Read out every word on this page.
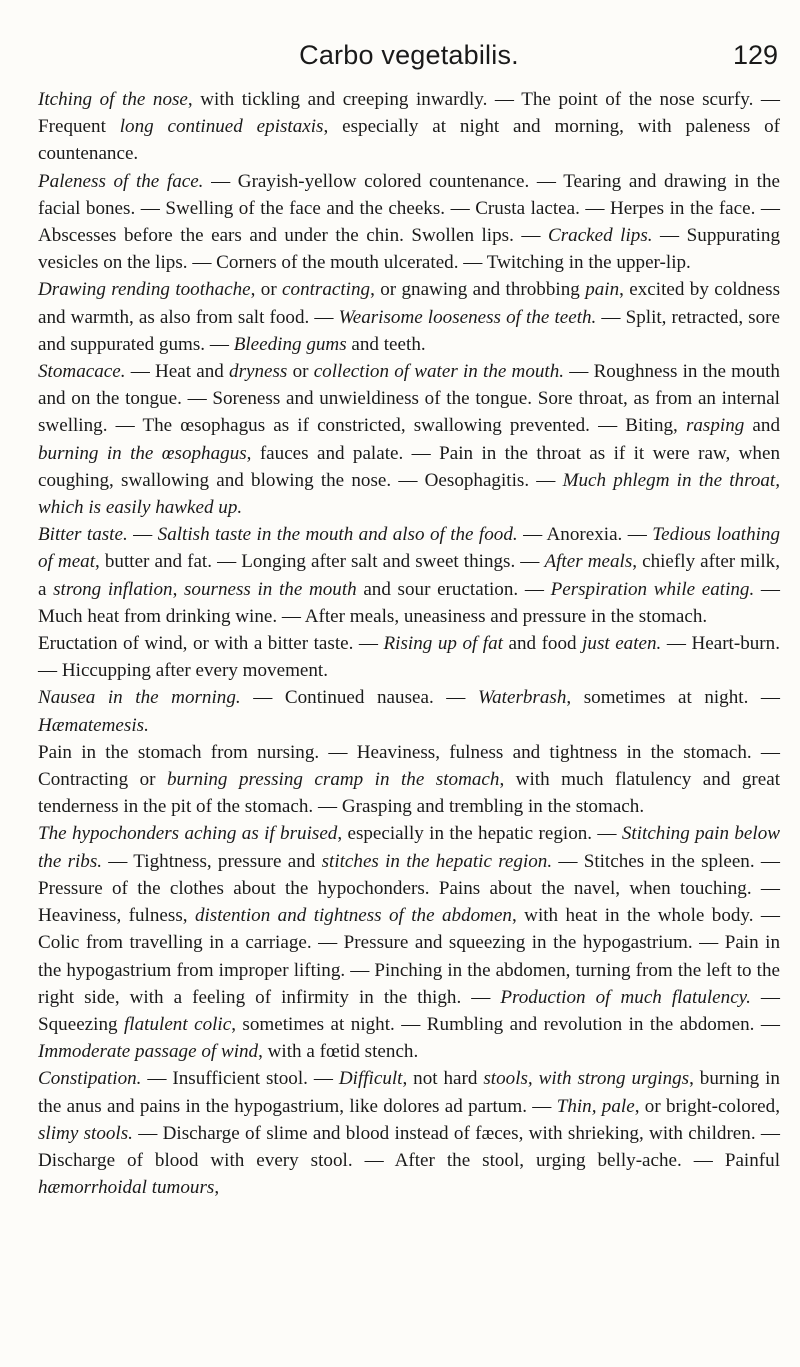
Carbo vegetabilis.	129

Itching of the nose, with tickling and creeping inwardly. — The point of the nose scurfy. — Frequent long continued epistaxis, especially at night and morning, with paleness of countenance.

Paleness of the face. — Grayish-yellow colored countenance. — Tearing and drawing in the facial bones. — Swelling of the face and the cheeks. — Crusta lactea. — Herpes in the face. — Abscesses before the ears and under the chin. Swollen lips. — Cracked lips. — Suppurating vesicles on the lips. — Corners of the mouth ulcerated. — Twitching in the upper-lip.

Drawing rending toothache, or contracting, or gnawing and throbbing pain, excited by coldness and warmth, as also from salt food. — Wearisome looseness of the teeth. — Split, retracted, sore and suppurated gums. — Bleeding gums and teeth.

Stomacace. — Heat and dryness or collection of water in the mouth. — Roughness in the mouth and on the tongue. — Soreness and unwieldiness of the tongue. Sore throat, as from an internal swelling. — The œsophagus as if constricted, swallowing prevented. — Biting, rasping and burning in the œsophagus, fauces and palate. — Pain in the throat as if it were raw, when coughing, swallowing and blowing the nose. — Oesophagitis. — Much phlegm in the throat, which is easily hawked up.

Bitter taste. — Saltish taste in the mouth and also of the food. — Anorexia. — Tedious loathing of meat, butter and fat. — Longing after salt and sweet things. — After meals, chiefly after milk, a strong inflation, sourness in the mouth and sour eructation. — Perspiration while eating. — Much heat from drinking wine. — After meals, uneasiness and pressure in the stomach.

Eructation of wind, or with a bitter taste. — Rising up of fat and food just eaten. — Heart-burn. — Hiccupping after every movement.

Nausea in the morning. — Continued nausea. — Waterbrash, sometimes at night. — Hæmatemesis.

Pain in the stomach from nursing. — Heaviness, fulness and tightness in the stomach. — Contracting or burning pressing cramp in the stomach, with much flatulency and great tenderness in the pit of the stomach. — Grasping and trembling in the stomach.

The hypochonders aching as if bruised, especially in the hepatic region. — Stitching pain below the ribs. — Tightness, pressure and stitches in the hepatic region. — Stitches in the spleen. — Pressure of the clothes about the hypochonders. Pains about the navel, when touching. — Heaviness, fulness, distention and tightness of the abdomen, with heat in the whole body. — Colic from travelling in a carriage. — Pressure and squeezing in the hypogastrium. — Pain in the hypogastrium from improper lifting. — Pinching in the abdomen, turning from the left to the right side, with a feeling of infirmity in the thigh. — Production of much flatulency. — Squeezing flatulent colic, sometimes at night. — Rumbling and revolution in the abdomen. — Immoderate passage of wind, with a fœtid stench.

Constipation. — Insufficient stool. — Difficult, not hard stools, with strong urgings, burning in the anus and pains in the hypogastrium, like dolores ad partum. — Thin, pale, or bright-colored, slimy stools. — Discharge of slime and blood instead of fæces, with shrieking, with children. — Discharge of blood with every stool. — After the stool, urging belly-ache. — Painful hæmorrhoidal tumours,
